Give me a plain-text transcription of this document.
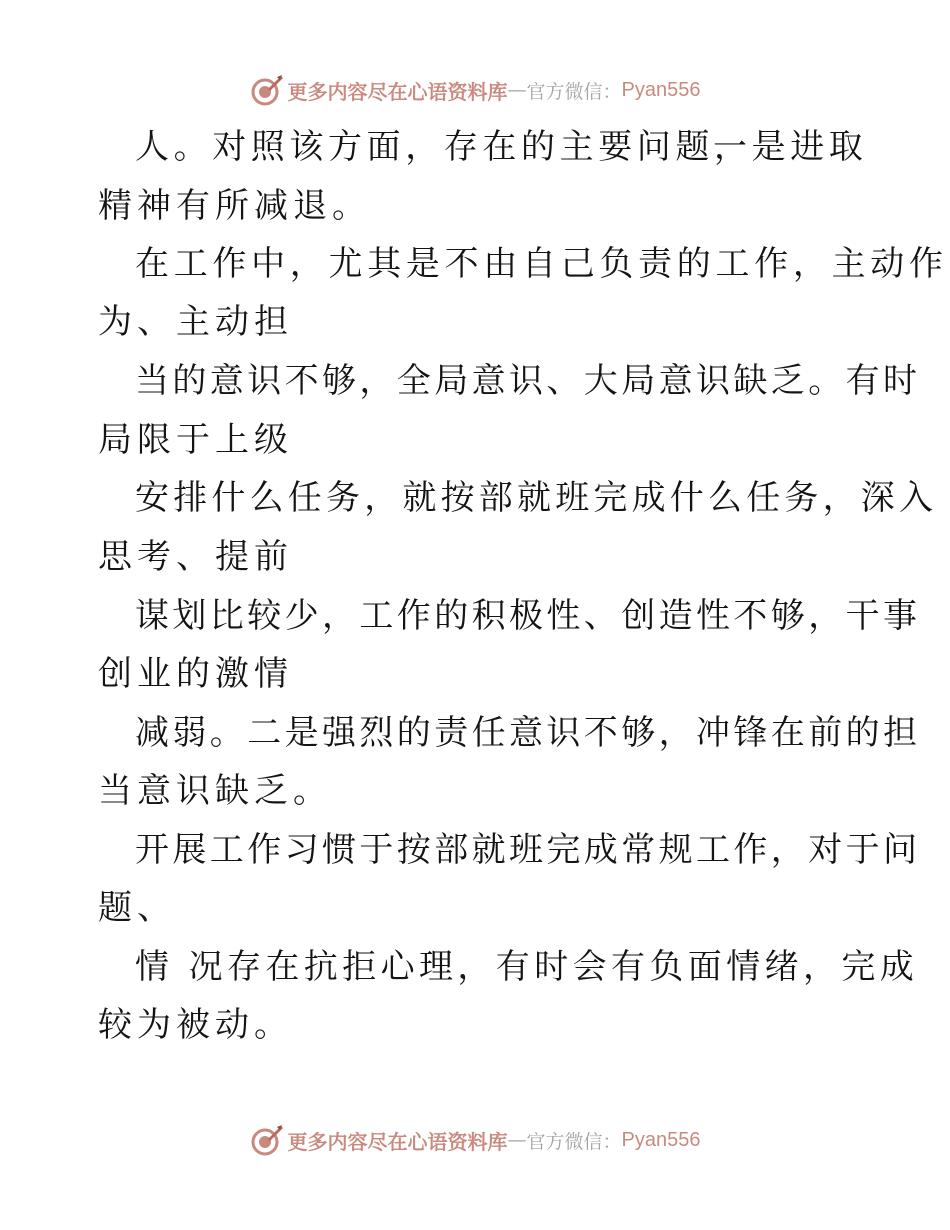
更多内容尽在心语资料库 — 官方微信： Pyan556
人。对照该方面，存在的主要问题，
一是进取
精神有所减退。
在工作中，尤其是不由自己负责的工作，主动作
为、主动担
当的意识不够，全局意识、大局意识缺乏。有时
局限于上级
安排什么任务，就按部就班完成什么任务，深入
思考、提前
谋划比较少，工作的积极性、创造性不够，干事
创业的激情
减弱。二是强烈的责任意识不够，冲锋在前的担
当意识缺乏。
开展工作习惯于按部就班完成常规工作，对于问
题、
情 况存在抗拒心理，有时会有负面情绪，完成
较为被动。
更多内容尽在心语资料库 — 官方微信： Pyan556
